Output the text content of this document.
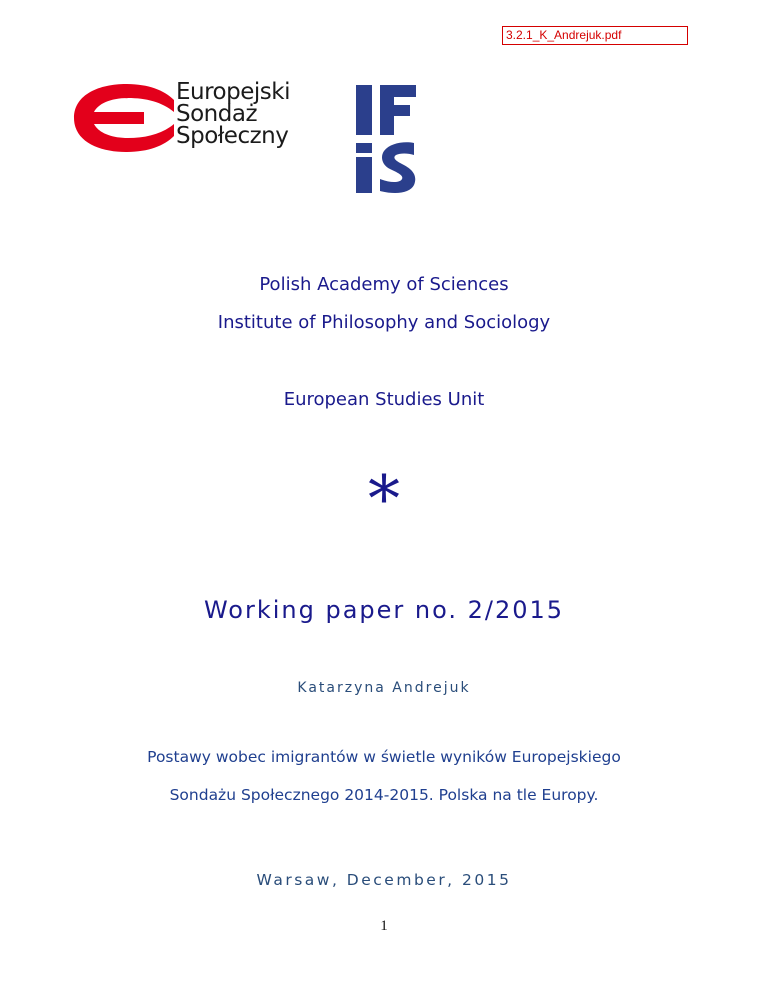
3.2.1_K_Andrejuk.pdf
Europejski
Sondaż
Społeczny
Polish Academy of Sciences
Institute of Philosophy and Sociology
European Studies Unit
*
Working paper no. 2/2015
Katarzyna Andrejuk
Postawy wobec imigrantów w świetle wyników Europejskiego
Sondażu Społecznego 2014-2015. Polska na tle Europy.
Warsaw, December, 2015
1
